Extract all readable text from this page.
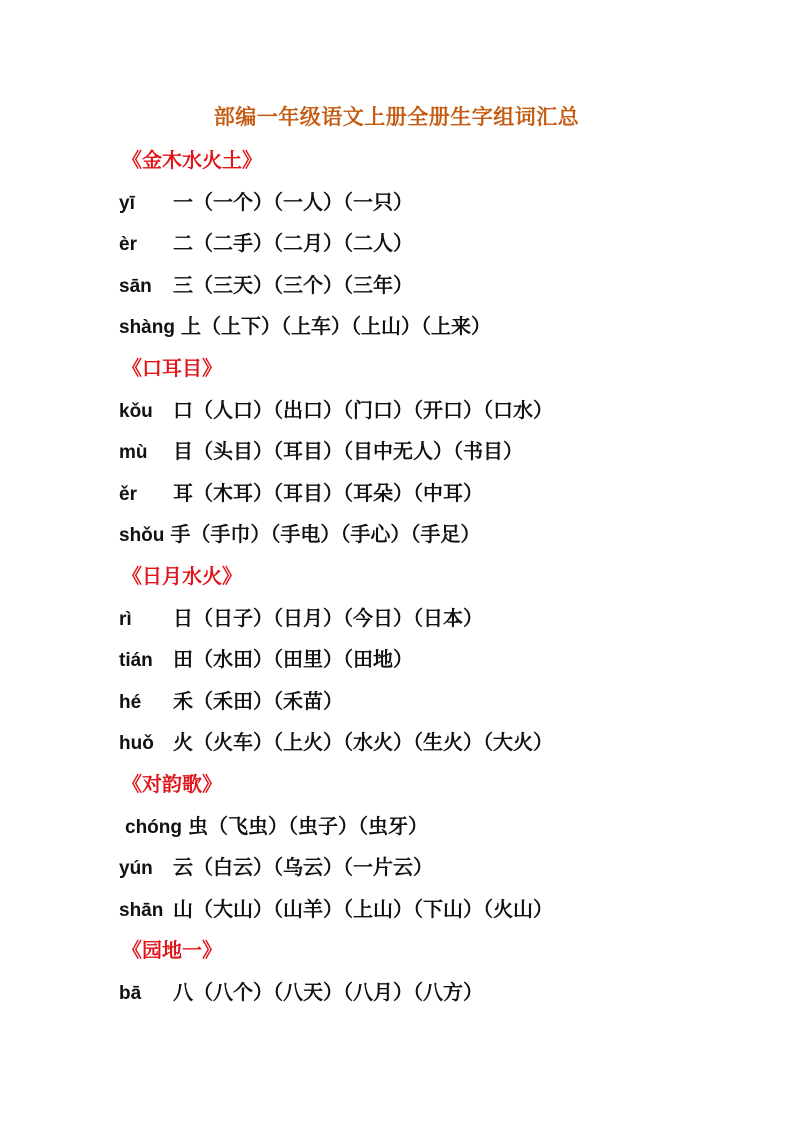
部编一年级语文上册全册生字组词汇总
《金木水火土》
yī 一（一个）（一人）（一只）
èr 二（二手）（二月）（二人）
sān 三（三天）（三个）（三年）
shàng 上（上下）（上车）（上山）（上来）
《口耳目》
kǒu 口（人口）（出口）（门口）（开口）（口水）
mù 目（头目）（耳目）（目中无人）（书目）
ěr 耳（木耳）（耳目）（耳朵）（中耳）
shǒu 手（手巾）（手电）（手心）（手足）
《日月水火》
rì 日（日子）（日月）（今日）（日本）
tián 田（水田）（田里）（田地）
hé 禾（禾田）（禾苗）
huǒ 火（火车）（上火）（水火）（生火）（大火）
《对韵歌》
chóng 虫（飞虫）（虫子）（虫牙）
yún 云（白云）（乌云）（一片云）
shān 山（大山）（山羊）（上山）（下山）（火山）
《园地一》
bā 八（八个）（八天）（八月）（八方）
